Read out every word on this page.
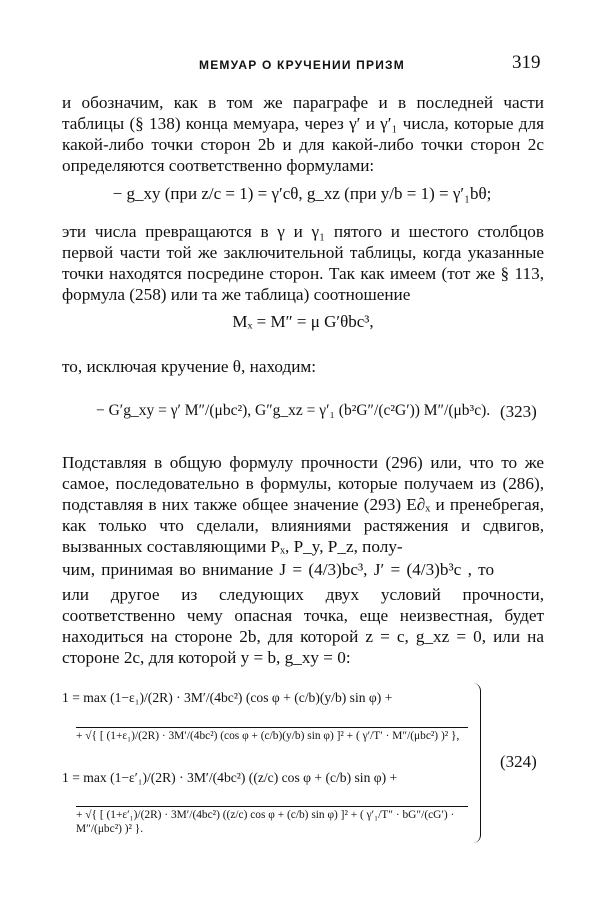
МЕМУАР О КРУЧЕНИИ ПРИЗМ	319
и обозначим, как в том же параграфе и в последней части таблицы (§ 138) конца мемуара, через γ′ и γ′₁ числа, которые для какой-либо точки сторон 2b и для какой-либо точки сторон 2c определяются соответственно формулами:
− g_xy (при z/c = 1) = γ′cθ, g_xz (при y/b = 1) = γ′₁bθ;
эти числа превращаются в γ и γ₁ пятого и шестого столбцов первой части той же заключительной таблицы, когда указанные точки находятся посредине сторон. Так как имеем (тот же § 113, формула (258) или та же таблица) соотношение
Mₓ = M″ = μ G′θbc³,
то, исключая кручение θ, находим:
− G′g_xy = γ′ M″/(μbc²), G″g_xz = γ′₁ (b²G″/(c²G′)) M″/(μb³c). (323)
Подставляя в общую формулу прочности (296) или, что то же самое, последовательно в формулы, которые получаем из (286), подставляя в них также общее значение (293) E∂ₓ и пренебрегая, как только что сделали, влияниями растяжения и сдвигов, вызванных составляющими Pₓ, P_y, P_z, полу-
чим, принимая во внимание J = (4/3)bc³, J′ = (4/3)b³c , то
или другое из следующих двух условий прочности, соответственно чему опасная точка, еще неизвестная, будет находиться на стороне 2b, для которой z = c, g_xz = 0, или на стороне 2c, для которой y = b, g_xy = 0:
1 = max (1−ε₁)/(2R) · 3M′/(4bc²) (cos φ + (c/b)(y/b) sin φ) +
+ √{ [ (1+ε₁)/(2R) · 3M′/(4bc²) (cos φ + (c/b)(y/b) sin φ) ]² + ( γ′/T′ · M″/(μbc²) )² },
1 = max (1−ε′₁)/(2R) · 3M′/(4bc²) ((z/c) cos φ + (c/b) sin φ) +
+ √{ [ (1+ε′₁)/(2R) · 3M′/(4bc²) ((z/c) cos φ + (c/b) sin φ) ]² + ( γ′₁/T″ · bG″/(cG′) · M″/(μbc²) )² }.
(324)
